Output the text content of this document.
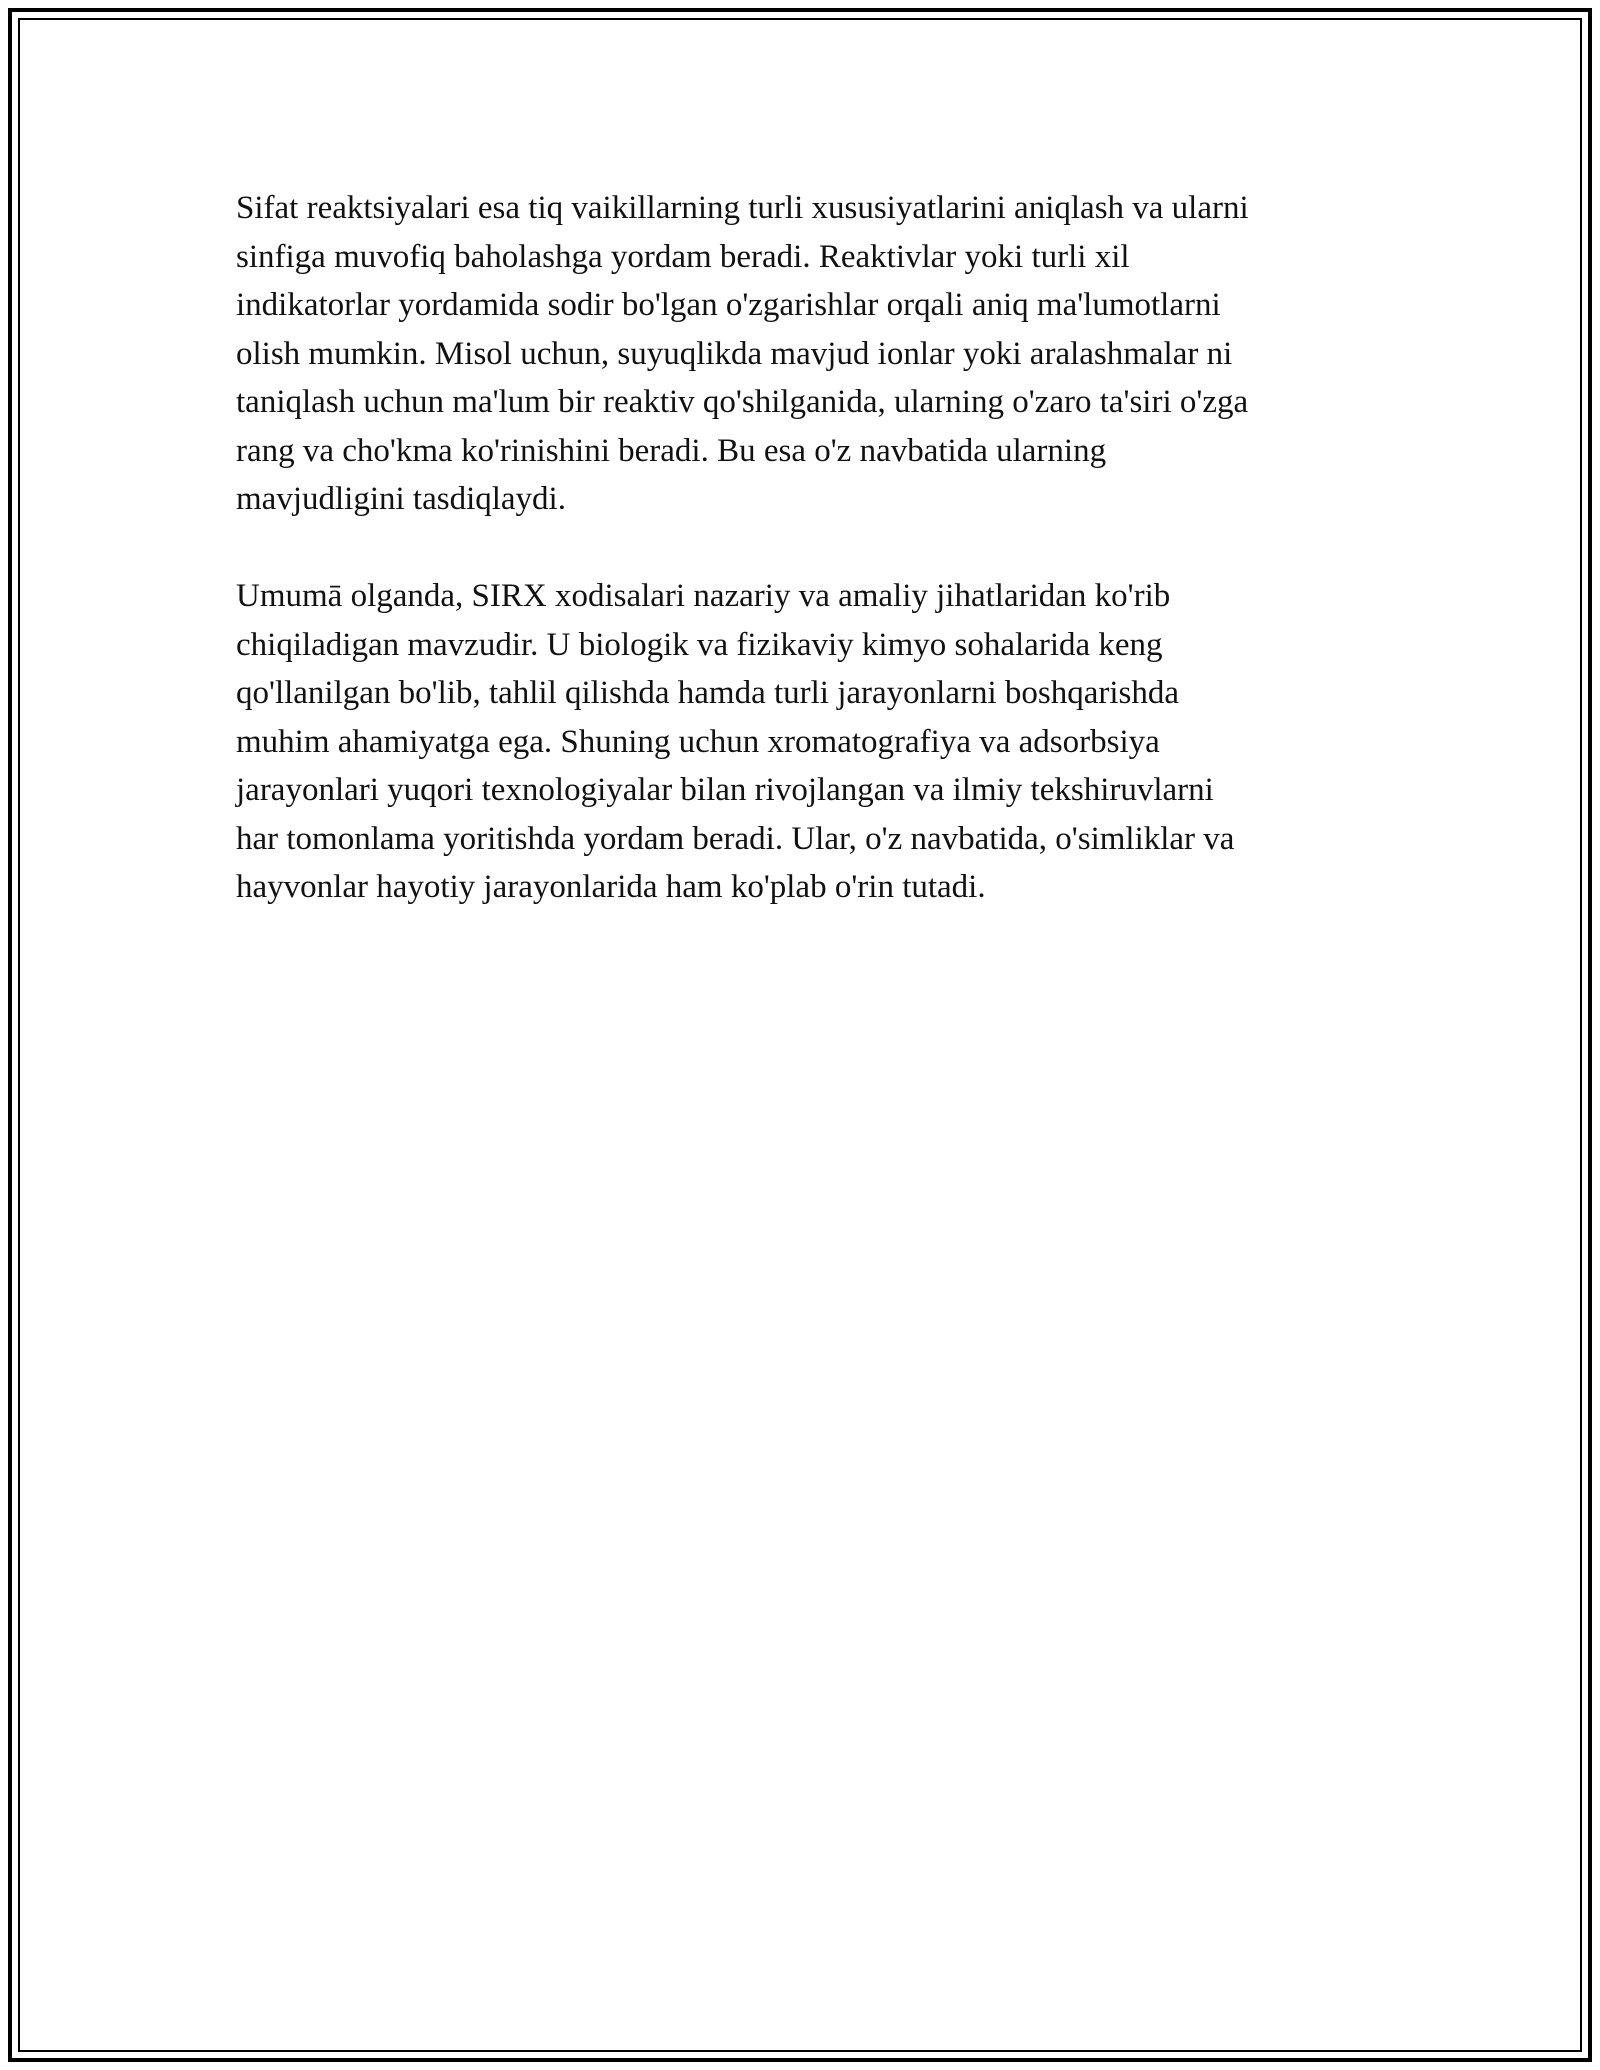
Sifat reaktsiyalari esa tiq vaikillarning turli xususiyatlarini aniqlash va ularni
sinfiga muvofiq baholashga yordam beradi. Reaktivlar yoki turli xil
indikatorlar yordamida sodir bo'lgan o'zgarishlar orqali aniq ma'lumotlarni
olish mumkin. Misol uchun, suyuqlikda mavjud ionlar yoki aralashmalar ni
taniqlash uchun ma'lum bir reaktiv qo'shilganida, ularning o'zaro ta'siri o'zga
rang va cho'kma ko'rinishini beradi. Bu esa o'z navbatida ularning
mavjudligini tasdiqlaydi.

Umumā olganda, SIRX xodisalari nazariy va amaliy jihatlaridan ko'rib
chiqiladigan mavzudir. U biologik va fizikaviy kimyo sohalarida keng
qo'llanilgan bo'lib, tahlil qilishda hamda turli jarayonlarni boshqarishda
muhim ahamiyatga ega. Shuning uchun xromatografiya va adsorbsiya
jarayonlari yuqori texnologiyalar bilan rivojlangan va ilmiy tekshiruvlarni
har tomonlama yoritishda yordam beradi. Ular, o'z navbatida, o'simliklar va
hayvonlar hayotiy jarayonlarida ham ko'plab o'rin tutadi.
